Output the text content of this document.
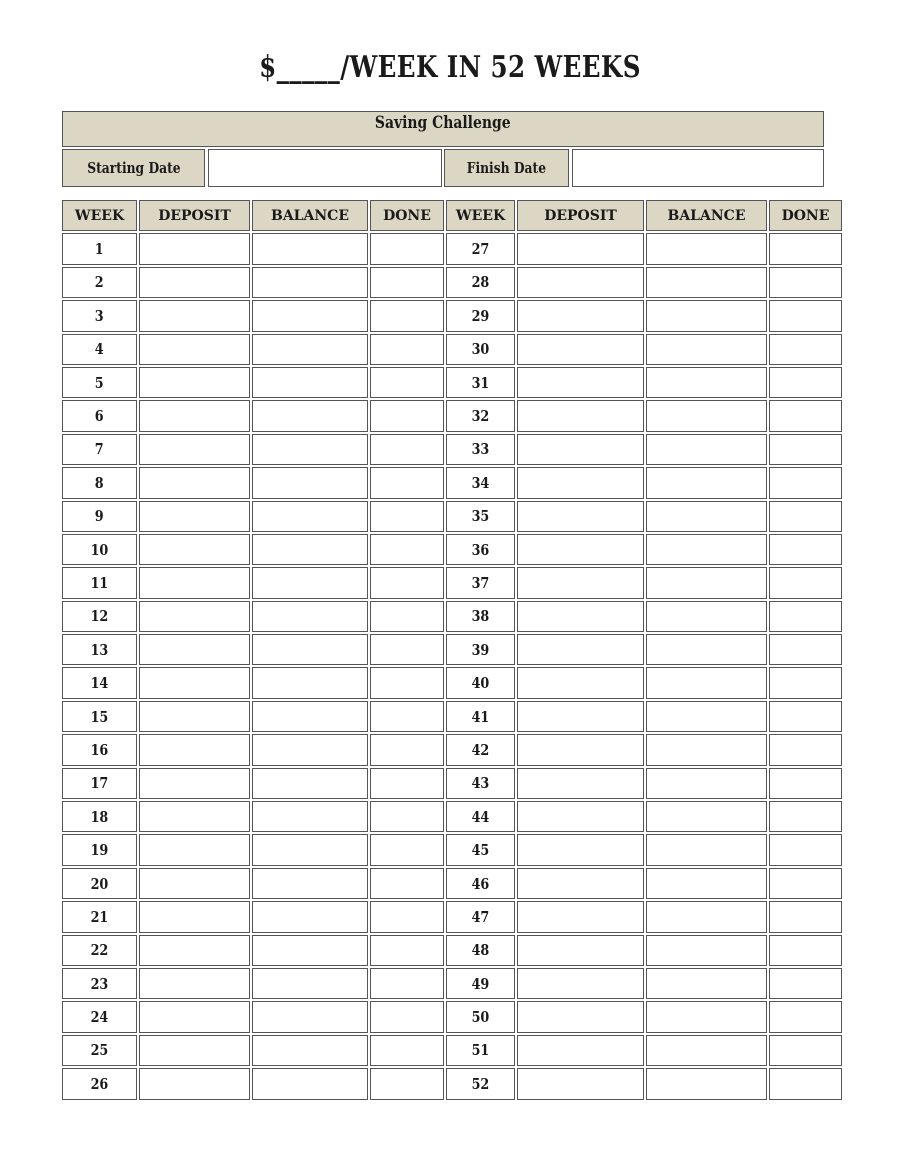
$_____/WEEK IN 52 WEEKS
Saving Challenge
Starting Date	Finish Date
WEEK	DEPOSIT	BALANCE	DONE	WEEK	DEPOSIT	BALANCE	DONE
1				27			
2				28			
3				29			
4				30			
5				31			
6				32			
7				33			
8				34			
9				35			
10				36			
11				37			
12				38			
13				39			
14				40			
15				41			
16				42			
17				43			
18				44			
19				45			
20				46			
21				47			
22				48			
23				49			
24				50			
25				51			
26				52			
